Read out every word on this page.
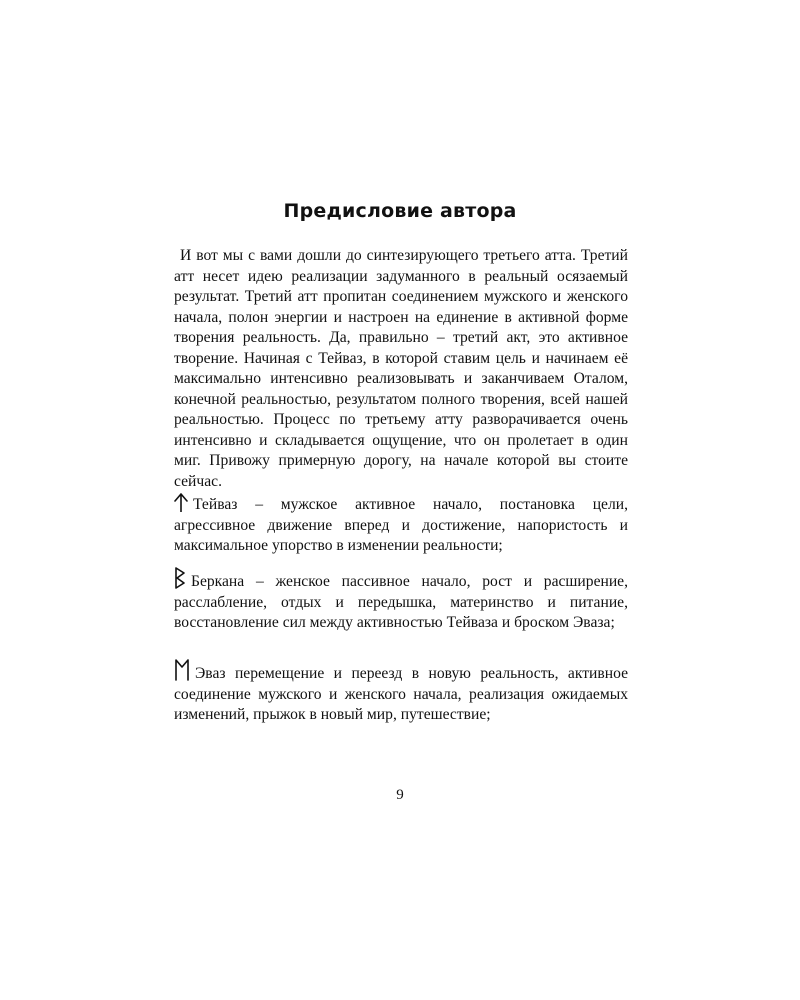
Предисловие автора

И вот мы с вами дошли до синтезирующего третьего атта. Третий атт несет идею реализации задуманного в реальный осязаемый результат. Третий атт пропитан соединением мужского и женского начала, полон энергии и настроен на единение в активной форме творения реальность. Да, правильно – третий акт, это активное творение. Начиная с Тейваз, в которой ставим цель и начинаем её максимально интенсивно реализовывать и заканчиваем Оталом, конечной реальностью, результатом полного творения, всей нашей реальностью. Процесс по третьему атту разворачивается очень интенсивно и складывается ощущение, что он пролетает в один миг. Привожу примерную дорогу, на начале которой вы стоите сейчас.

Тейваз – мужское активное начало, постановка цели, агрессивное движение вперед и достижение, напористость и максимальное упорство в изменении реальности;

Беркана – женское пассивное начало, рост и расширение, расслабление, отдых и передышка, материнство и питание, восстановление сил между активностью Тейваза и броском Эваза;

Эваз перемещение и переезд в новую реальность, активное соединение мужского и женского начала, реализация ожидаемых изменений, прыжок в новый мир, путешествие;

9
